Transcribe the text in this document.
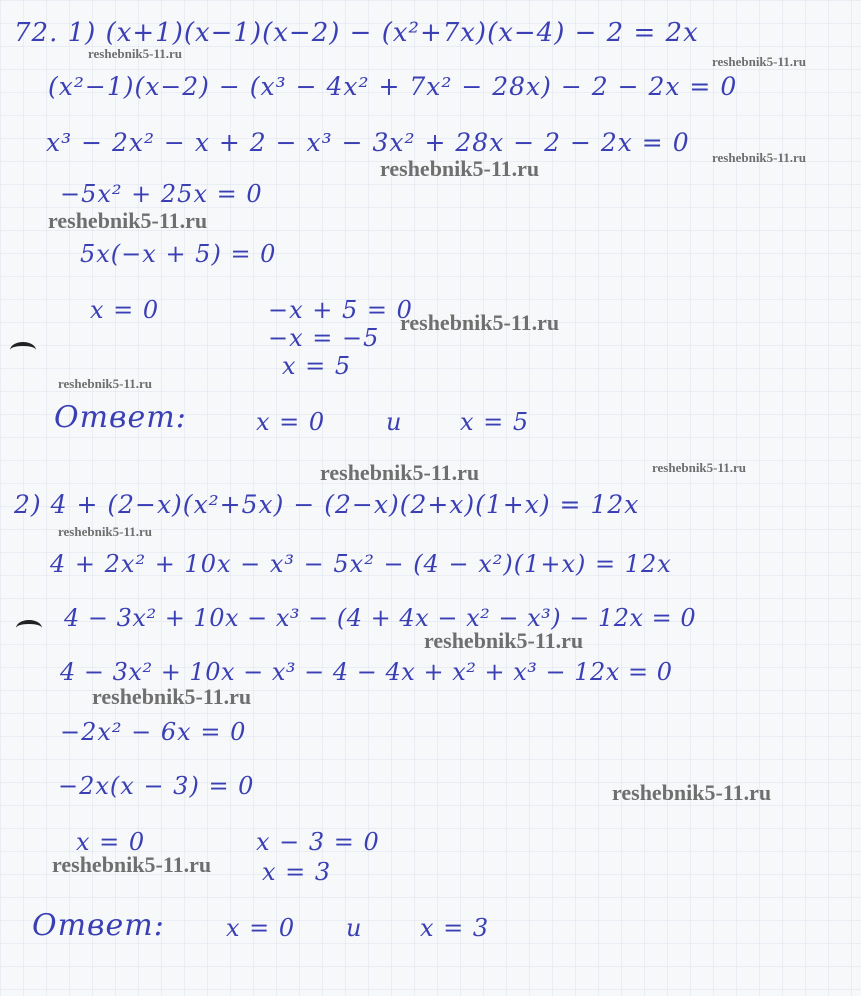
72. 1) (x+1)(x−1)(x−2) − (x²+7x)(x−4) − 2 = 2x
(x²−1)(x−2) − (x³ − 4x² + 7x² − 28x) − 2 − 2x = 0
x³ − 2x² − x + 2 − x³ − 3x² + 28x − 2 − 2x = 0
−5x² + 25x = 0
5x(−x + 5) = 0
x = 0	−x + 5 = 0
−x = −5
x = 5
Ответ:	x = 0	и x = 5
2) 4 + (2−x)(x²+5x) − (2−x)(2+x)(1+x) = 12x
4 + 2x² + 10x − x³ − 5x² − (4 − x²)(1+x) = 12x
4 − 3x² + 10x − x³ − (4 + 4x − x² − x³) − 12x = 0
4 − 3x² + 10x − x³ − 4 − 4x + x² + x³ − 12x = 0
−2x² − 6x = 0
−2x(x − 3) = 0
x = 0	x − 3 = 0
x = 3
Ответ:	x = 0 и x = 3
reshebnik5-11.ru
reshebnik5-11.ru
reshebnik5-11.ru	reshebnik5-11.ru
reshebnik5-11.ru
reshebnik5-11.ru
reshebnik5-11.ru
reshebnik5-11.ru	reshebnik5-11.ru
reshebnik5-11.ru
reshebnik5-11.ru
reshebnik5-11.ru
reshebnik5-11.ru
reshebnik5-11.ru
